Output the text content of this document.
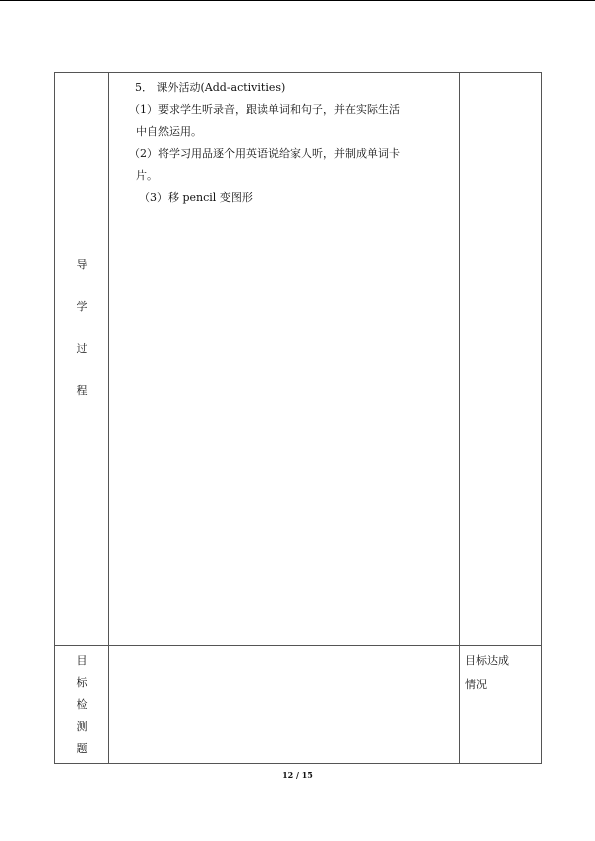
导
学
过
程

5． 课外活动(Add-activities)

（1）要求学生听录音，跟读单词和句子，并在实际生活

中自然运用。

（2）将学习用品逐个用英语说给家人听，并制成单词卡

片。

（3）移 pencil 变图形

目
标
检
测
题
目标达成
情况
12 / 15
